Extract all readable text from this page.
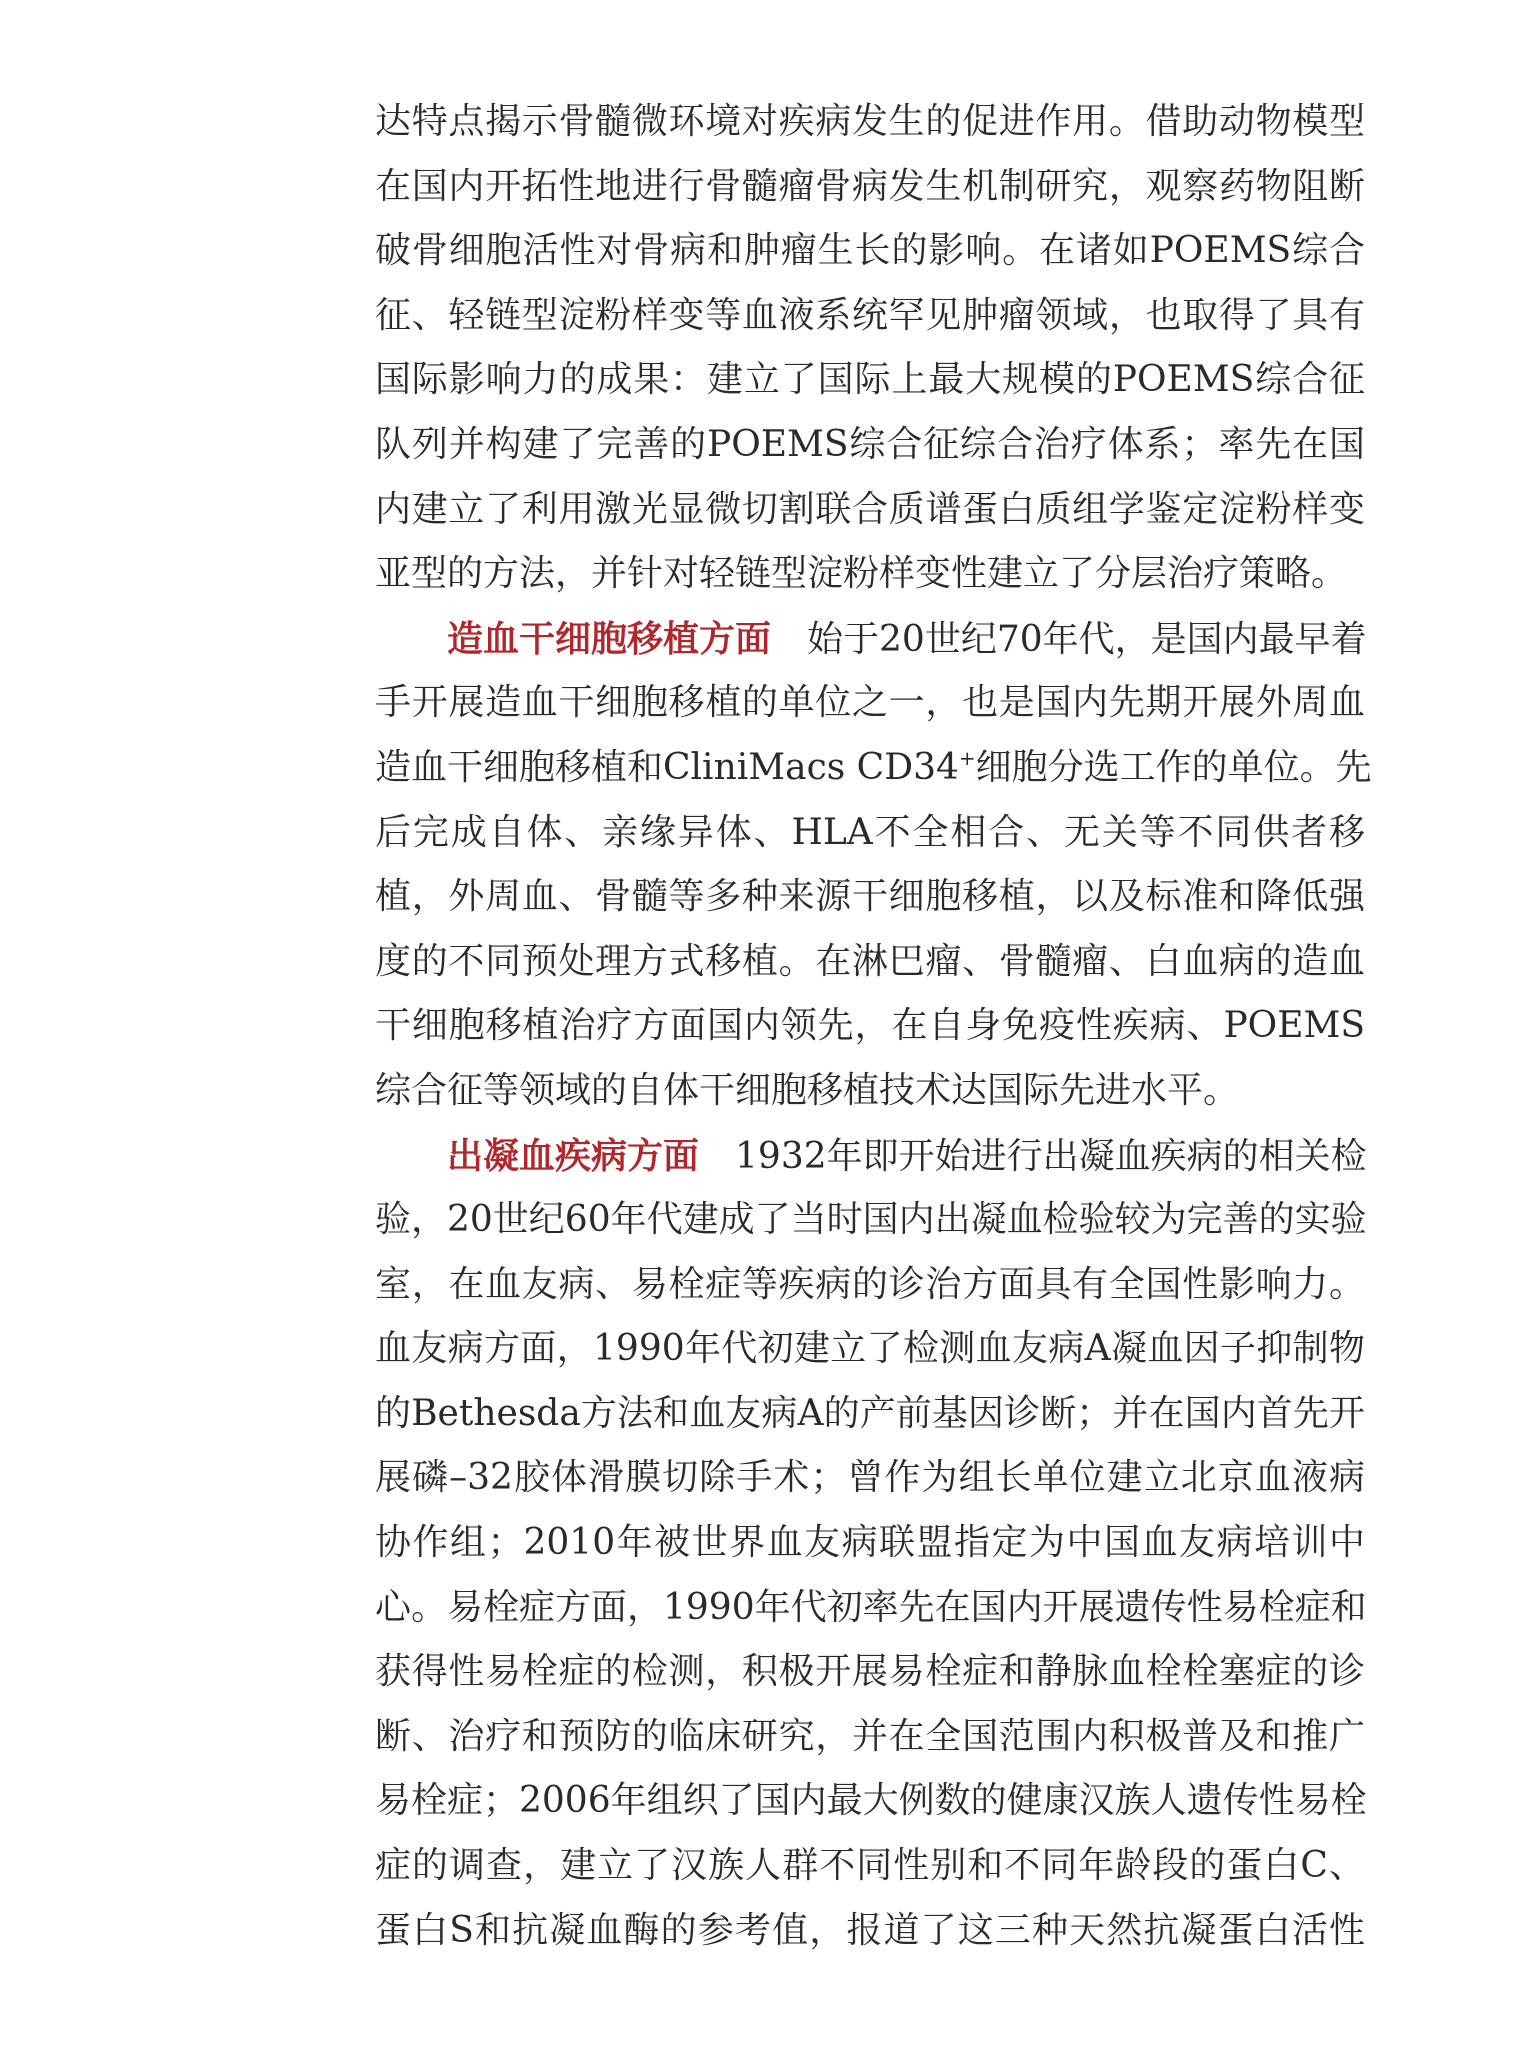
达特点揭示骨髓微环境对疾病发生的促进作用。借助动物模型
在国内开拓性地进行骨髓瘤骨病发生机制研究，观察药物阻断
破骨细胞活性对骨病和肿瘤生长的影响。在诸如POEMS综合
征、轻链型淀粉样变等血液系统罕见肿瘤领域，也取得了具有
国际影响力的成果：建立了国际上最大规模的POEMS综合征
队列并构建了完善的POEMS综合征综合治疗体系；率先在国
内建立了利用激光显微切割联合质谱蛋白质组学鉴定淀粉样变
亚型的方法，并针对轻链型淀粉样变性建立了分层治疗策略。
造血干细胞移植方面 始于20世纪70年代，是国内最早着
手开展造血干细胞移植的单位之一，也是国内先期开展外周血
造血干细胞移植和CliniMacs CD34+细胞分选工作的单位。先
后完成自体、亲缘异体、HLA不全相合、无关等不同供者移
植，外周血、骨髓等多种来源干细胞移植，以及标准和降低强
度的不同预处理方式移植。在淋巴瘤、骨髓瘤、白血病的造血
干细胞移植治疗方面国内领先，在自身免疫性疾病、POEMS
综合征等领域的自体干细胞移植技术达国际先进水平。
出凝血疾病方面 1932年即开始进行出凝血疾病的相关检
验，20世纪60年代建成了当时国内出凝血检验较为完善的实验
室，在血友病、易栓症等疾病的诊治方面具有全国性影响力。
血友病方面，1990年代初建立了检测血友病A凝血因子抑制物
的Bethesda方法和血友病A的产前基因诊断；并在国内首先开
展磷–32胶体滑膜切除手术；曾作为组长单位建立北京血液病
协作组；2010年被世界血友病联盟指定为中国血友病培训中
心。易栓症方面，1990年代初率先在国内开展遗传性易栓症和
获得性易栓症的检测，积极开展易栓症和静脉血栓栓塞症的诊
断、治疗和预防的临床研究，并在全国范围内积极普及和推广
易栓症；2006年组织了国内最大例数的健康汉族人遗传性易栓
症的调查，建立了汉族人群不同性别和不同年龄段的蛋白C、
蛋白S和抗凝血酶的参考值，报道了这三种天然抗凝蛋白活性
